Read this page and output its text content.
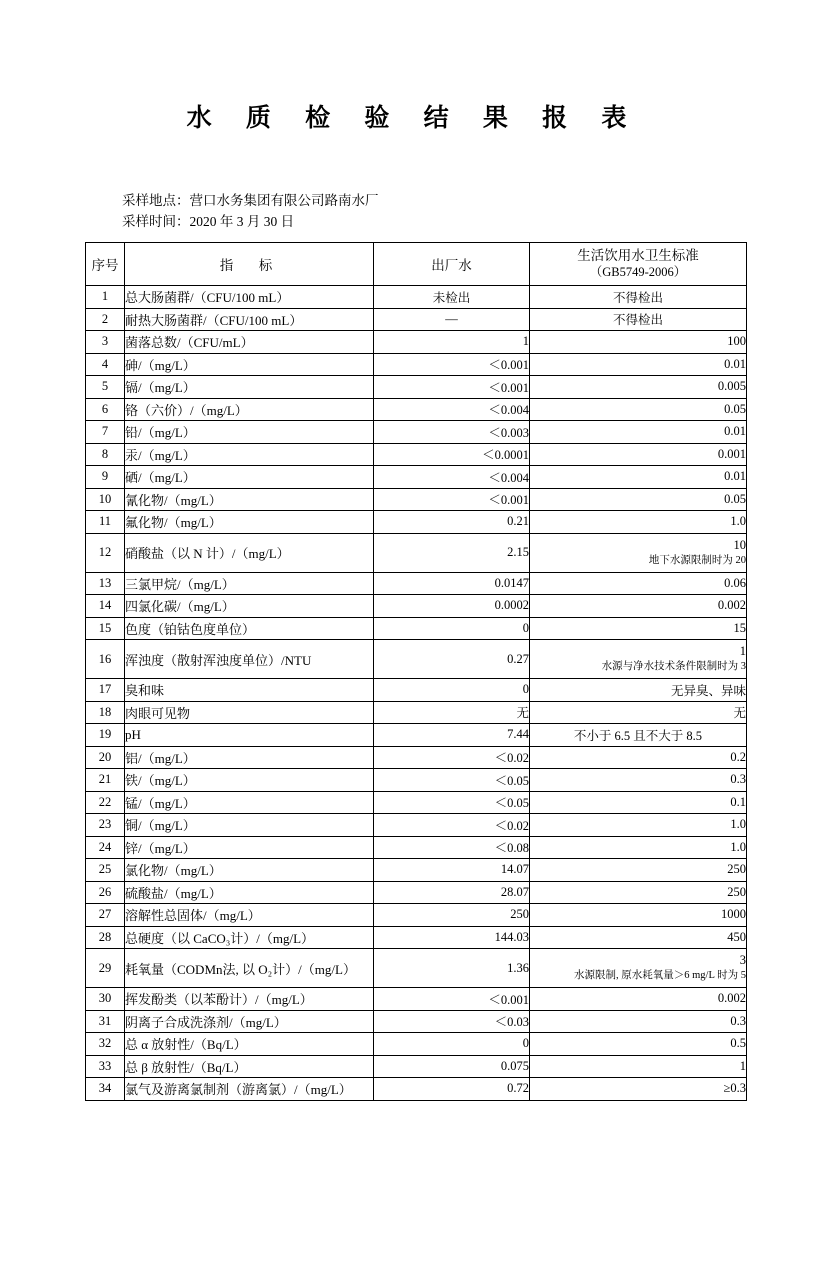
水 质 检 验 结 果 报 表
采样地点：营口水务集团有限公司路南水厂
采样时间：2020 年 3 月 30 日
序号	指　标	出厂水	生活饮用水卫生标准
（GB5749-2006）

1	总大肠菌群/（CFU/100 mL）	未检出	不得检出
2	耐热大肠菌群/（CFU/100 mL）	—	不得检出
3	菌落总数/（CFU/mL）	1	100
4	砷/（mg/L）	＜0.001	0.01
5	镉/（mg/L）	＜0.001	0.005
6	铬（六价）/（mg/L）	＜0.004	0.05
7	铅/（mg/L）	＜0.003	0.01
8	汞/（mg/L）	＜0.0001	0.001
9	硒/（mg/L）	＜0.004	0.01
10	氰化物/（mg/L）	＜0.001	0.05
11	氟化物/（mg/L）	0.21	1.0
12	硝酸盐（以 N 计）/（mg/L）	2.15	10
地下水源限制时为 20

13	三氯甲烷/（mg/L）	0.0147	0.06
14	四氯化碳/（mg/L）	0.0002	0.002
15	色度（铂钴色度单位）	0	15
16	浑浊度（散射浑浊度单位）/NTU	0.27	1
水源与净水技术条件限制时为 3

17	臭和味	0	无异臭、异味
18	肉眼可见物	无	无
19	pH	7.44	不小于 6.5 且不大于 8.5
20	铝/（mg/L）	＜0.02	0.2
21	铁/（mg/L）	＜0.05	0.3
22	锰/（mg/L）	＜0.05	0.1
23	铜/（mg/L）	＜0.02	1.0
24	锌/（mg/L）	＜0.08	1.0
25	氯化物/（mg/L）	14.07	250
26	硫酸盐/（mg/L）	28.07	250
27	溶解性总固体/（mg/L）	250	1000
28	总硬度（以 CaCO₃计）/（mg/L）	144.03	450
29	耗氧量（CODMn法, 以 O₂计）/（mg/L）	1.36	3
水源限制, 原水耗氧量＞6 mg/L 时为 5

30	挥发酚类（以苯酚计）/（mg/L）	＜0.001	0.002
31	阴离子合成洗涤剂/（mg/L）	＜0.03	0.3
32	总 α 放射性/（Bq/L）	0	0.5
33	总 β 放射性/（Bq/L）	0.075	1
34	氯气及游离氯制剂（游离氯）/（mg/L）	0.72	≥0.3
